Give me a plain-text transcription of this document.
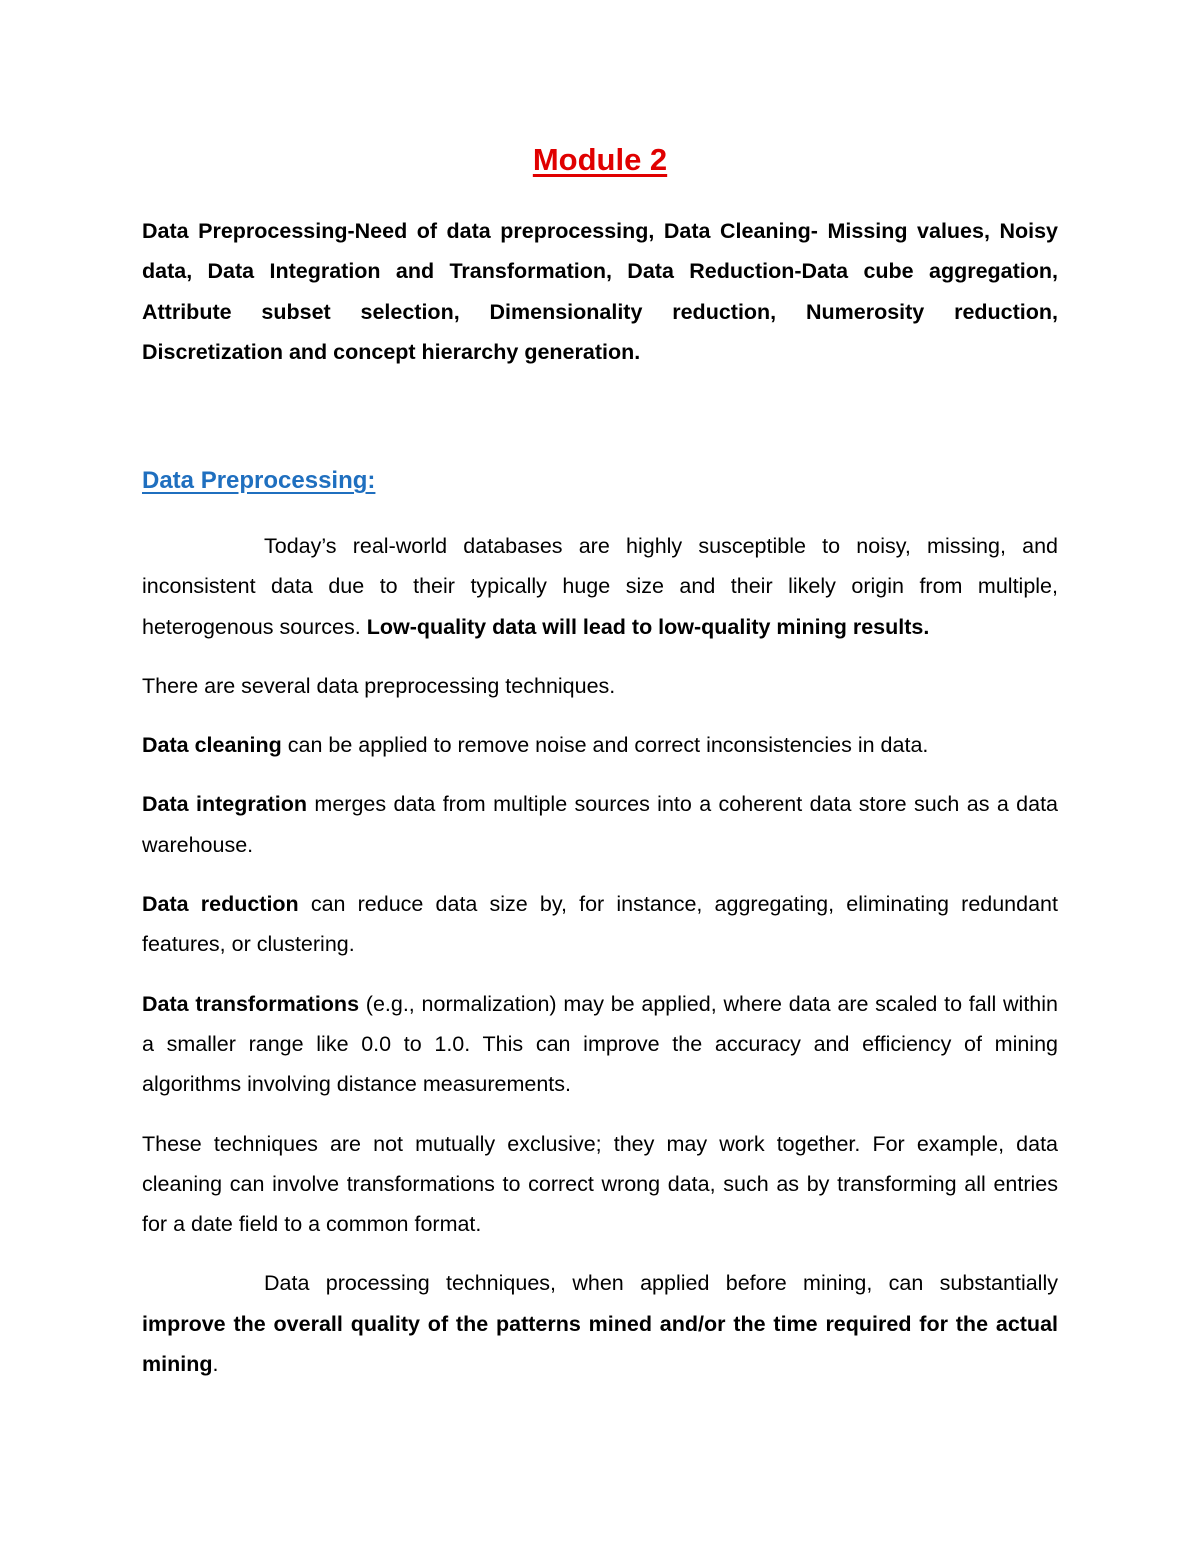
Module 2

Data Preprocessing-Need of data preprocessing, Data Cleaning- Missing values, Noisy data, Data Integration and Transformation, Data Reduction-Data cube aggregation, Attribute subset selection, Dimensionality reduction, Numerosity reduction, Discretization and concept hierarchy generation.

Data Preprocessing:

Today’s real-world databases are highly susceptible to noisy, missing, and inconsistent data due to their typically huge size and their likely origin from multiple, heterogenous sources. Low-quality data will lead to low-quality mining results.

There are several data preprocessing techniques.

Data cleaning can be applied to remove noise and correct inconsistencies in data.

Data integration merges data from multiple sources into a coherent data store such as a data warehouse.

Data reduction can reduce data size by, for instance, aggregating, eliminating redundant features, or clustering.

Data transformations (e.g., normalization) may be applied, where data are scaled to fall within a smaller range like 0.0 to 1.0. This can improve the accuracy and efficiency of mining algorithms involving distance measurements.

These techniques are not mutually exclusive; they may work together. For example, data cleaning can involve transformations to correct wrong data, such as by transforming all entries for a date field to a common format.

Data processing techniques, when applied before mining, can substantially improve the overall quality of the patterns mined and/or the time required for the actual mining.
